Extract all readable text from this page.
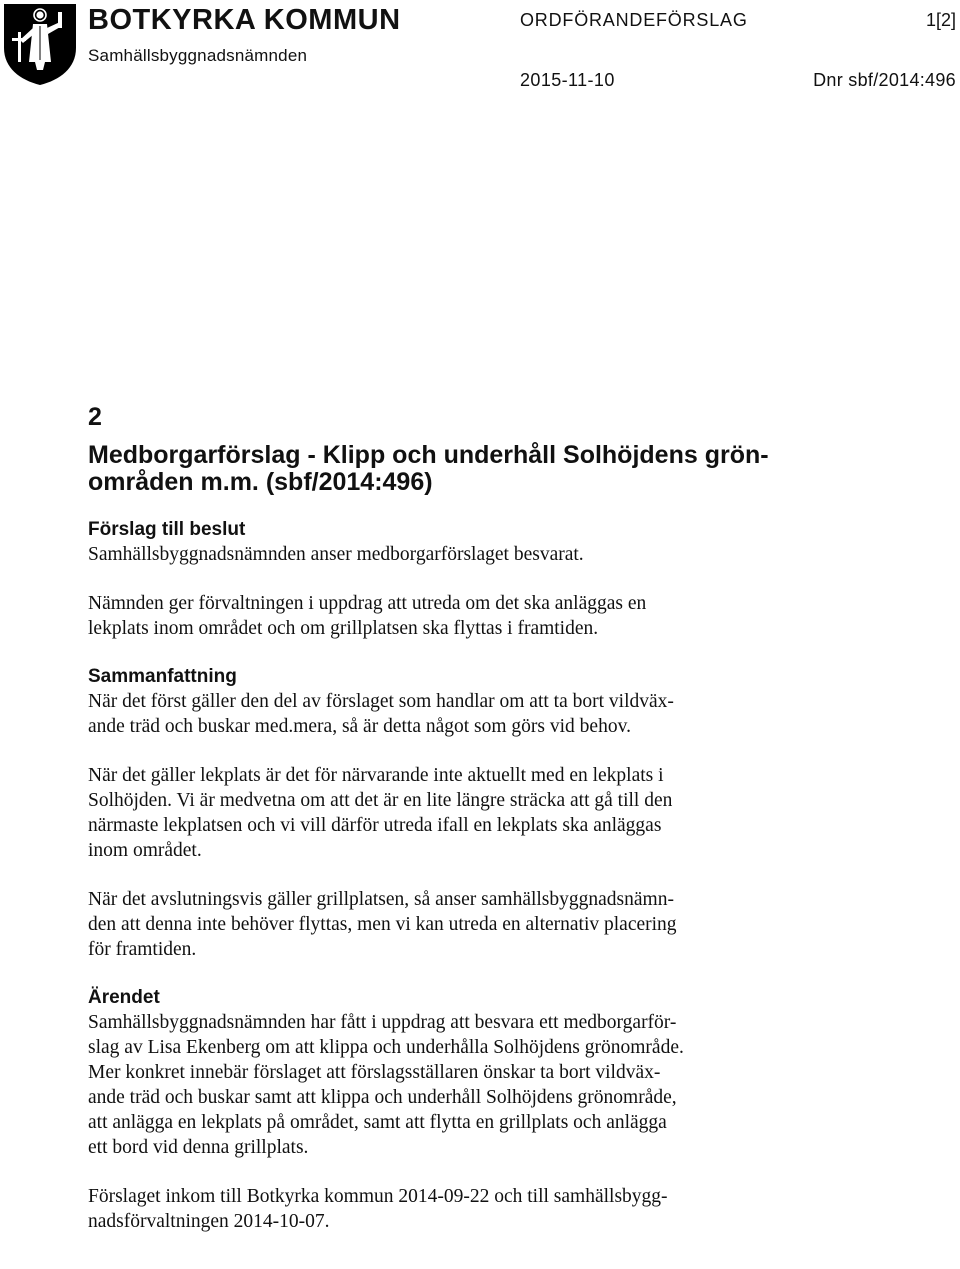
BOTKYRKA KOMMUN
Samhällsbyggnadsnämnden
ORDFÖRANDEFÖRSLAG	1[2]
2015-11-10	Dnr sbf/2014:496
2
Medborgarförslag - Klipp och underhåll Solhöjdens grön-
områden m.m. (sbf/2014:496)
Förslag till beslut

Samhällsbyggnadsnämnden anser medborgarförslaget besvarat.

Nämnden ger förvaltningen i uppdrag att utreda om det ska anläggas en
lekplats inom området och om grillplatsen ska flyttas i framtiden.

Sammanfattning

När det först gäller den del av förslaget som handlar om att ta bort vildväx-
ande träd och buskar med.mera, så är detta något som görs vid behov.

När det gäller lekplats är det för närvarande inte aktuellt med en lekplats i
Solhöjden. Vi är medvetna om att det är en lite längre sträcka att gå till den
närmaste lekplatsen och vi vill därför utreda ifall en lekplats ska anläggas
inom området.

När det avslutningsvis gäller grillplatsen, så anser samhällsbyggnadsnämn-
den att denna inte behöver flyttas, men vi kan utreda en alternativ placering
för framtiden.

Ärendet

Samhällsbyggnadsnämnden har fått i uppdrag att besvara ett medborgarför-
slag av Lisa Ekenberg om att klippa och underhålla Solhöjdens grönområde.
Mer konkret innebär förslaget att förslagsställaren önskar ta bort vildväx-
ande träd och buskar samt att klippa och underhåll Solhöjdens grönområde,
att anlägga en lekplats på området, samt att flytta en grillplats och anlägga
ett bord vid denna grillplats.

Förslaget inkom till Botkyrka kommun 2014-09-22 och till samhällsbygg-
nadsförvaltningen 2014-10-07.
